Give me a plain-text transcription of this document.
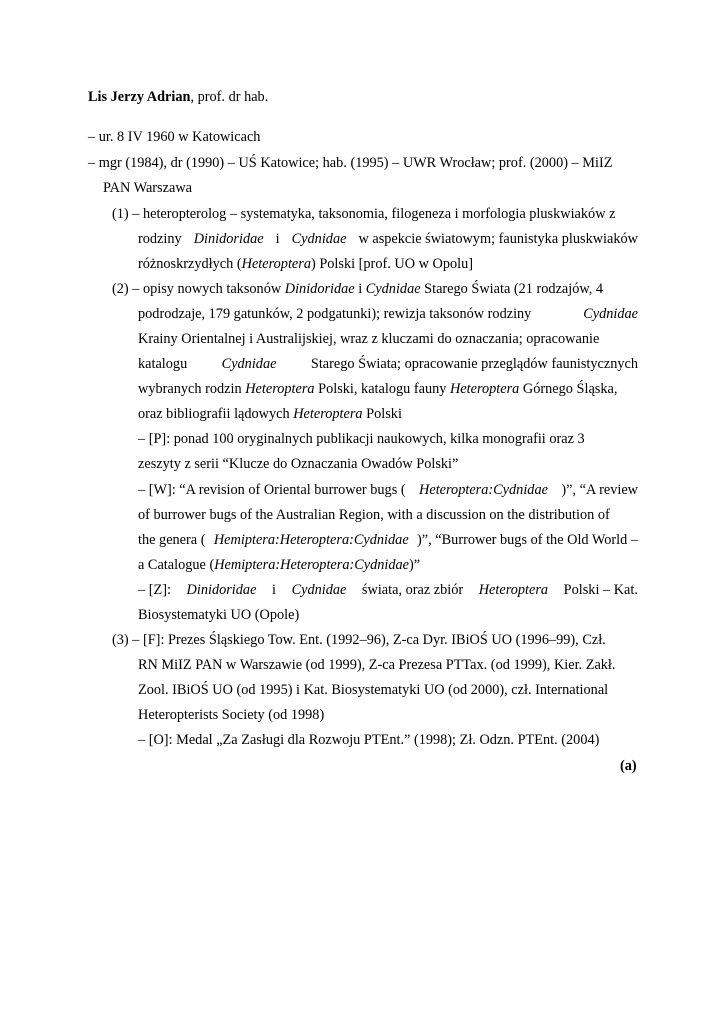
Lis Jerzy Adrian, prof. dr hab.
– ur. 8 IV 1960 w Katowicach
– mgr (1984), dr (1990) – UŚ Katowice; hab. (1995) – UWR Wrocław; prof. (2000) – MiIZ
PAN Warszawa
(1) – heteropterolog – systematyka, taksonomia, filogeneza i morfologia pluskwiaków z
rodziny Dinidoridae i Cydnidae w aspekcie światowym; faunistyka pluskwiaków
różnoskrzydłych (Heteroptera) Polski [prof. UO w Opolu]
(2) – opisy nowych taksonów Dinidoridae i Cydnidae Starego Świata (21 rodzajów, 4
podrodzaje, 179 gatunków, 2 podgatunki); rewizja taksonów rodziny	Cydnidae
Krainy Orientalnej i Australijskiej, wraz z kluczami do oznaczania; opracowanie
katalogu Cydnidae Starego Świata; opracowanie przeglądów faunistycznych
wybranych rodzin Heteroptera Polski, katalogu fauny Heteroptera Górnego Śląska,
oraz bibliografii lądowych Heteroptera Polski
– [P]: ponad 100 oryginalnych publikacji naukowych, kilka monografii oraz 3
zeszyty z serii “Klucze do Oznaczania Owadów Polski”
– [W]: “A revision of Oriental burrower bugs ( Heteroptera:Cydnidae )”, “A review
of burrower bugs of the Australian Region, with a discussion on the distribution of
the genera ( Hemiptera:Heteroptera:Cydnidae )”, “Burrower bugs of the Old World –
a Catalogue (Hemiptera:Heteroptera:Cydnidae)”
– [Z]: Dinidoridae i Cydnidae świata, oraz zbiór Heteroptera Polski – Kat.
Biosystematyki UO (Opole)
(3) – [F]: Prezes Śląskiego Tow. Ent. (1992–96), Z-ca Dyr. IBiOŚ UO (1996–99), Czł.
RN MiIZ PAN w Warszawie (od 1999), Z-ca Prezesa PTTax. (od 1999), Kier. Zakł.
Zool. IBiOŚ UO (od 1995) i Kat. Biosystematyki UO (od 2000), czł. International
Heteropterists Society (od 1998)
– [O]: Medal „Za Zasługi dla Rozwoju PTEnt.” (1998); Zł. Odzn. PTEnt. (2004)
(a)
